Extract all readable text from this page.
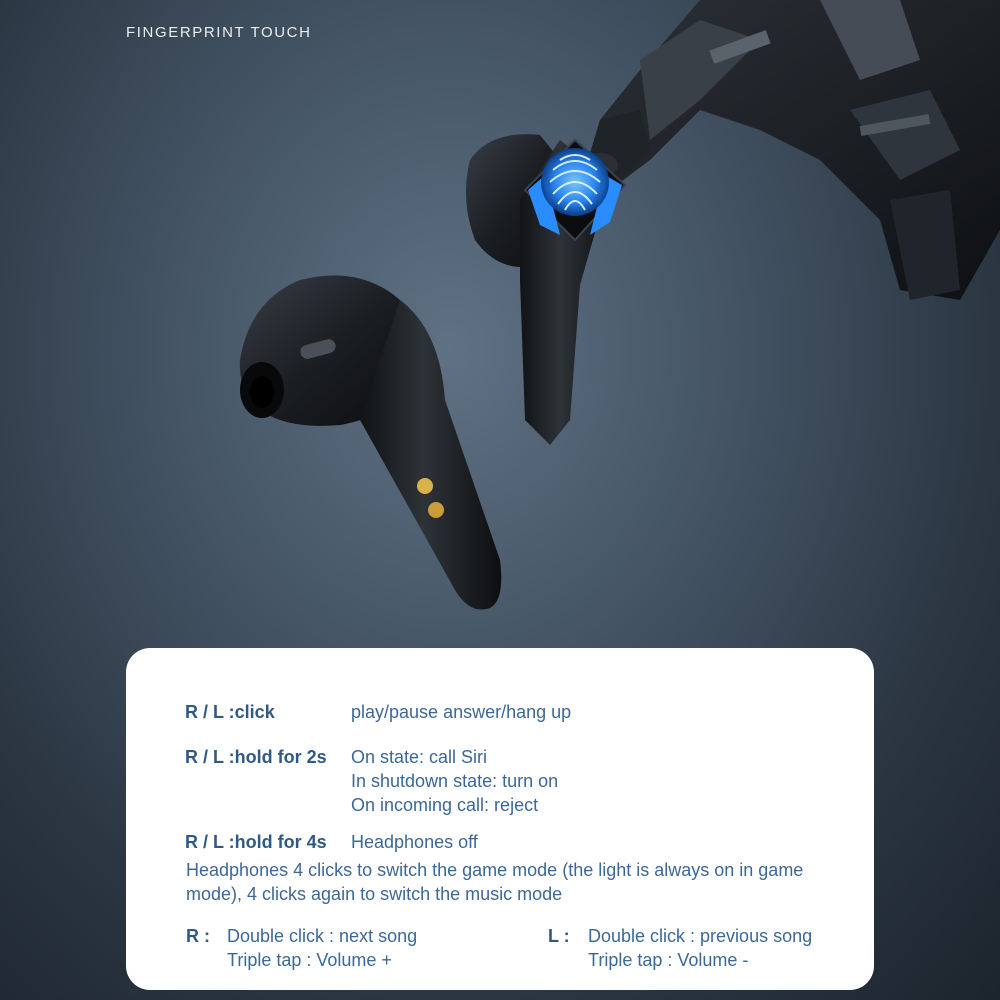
FINGERPRINT TOUCH
R / L :click	play/pause answer/hang up
R / L :hold for 2s On state: call Siri
In shutdown state: turn on
On incoming call: reject
R / L :hold for 4s Headphones off
Headphones 4 clicks to switch the game mode (the light is always on in game
mode), 4 clicks again to switch the music mode
R : Double click : next song
Triple tap : Volume +
L : Double click : previous song
Triple tap : Volume -
